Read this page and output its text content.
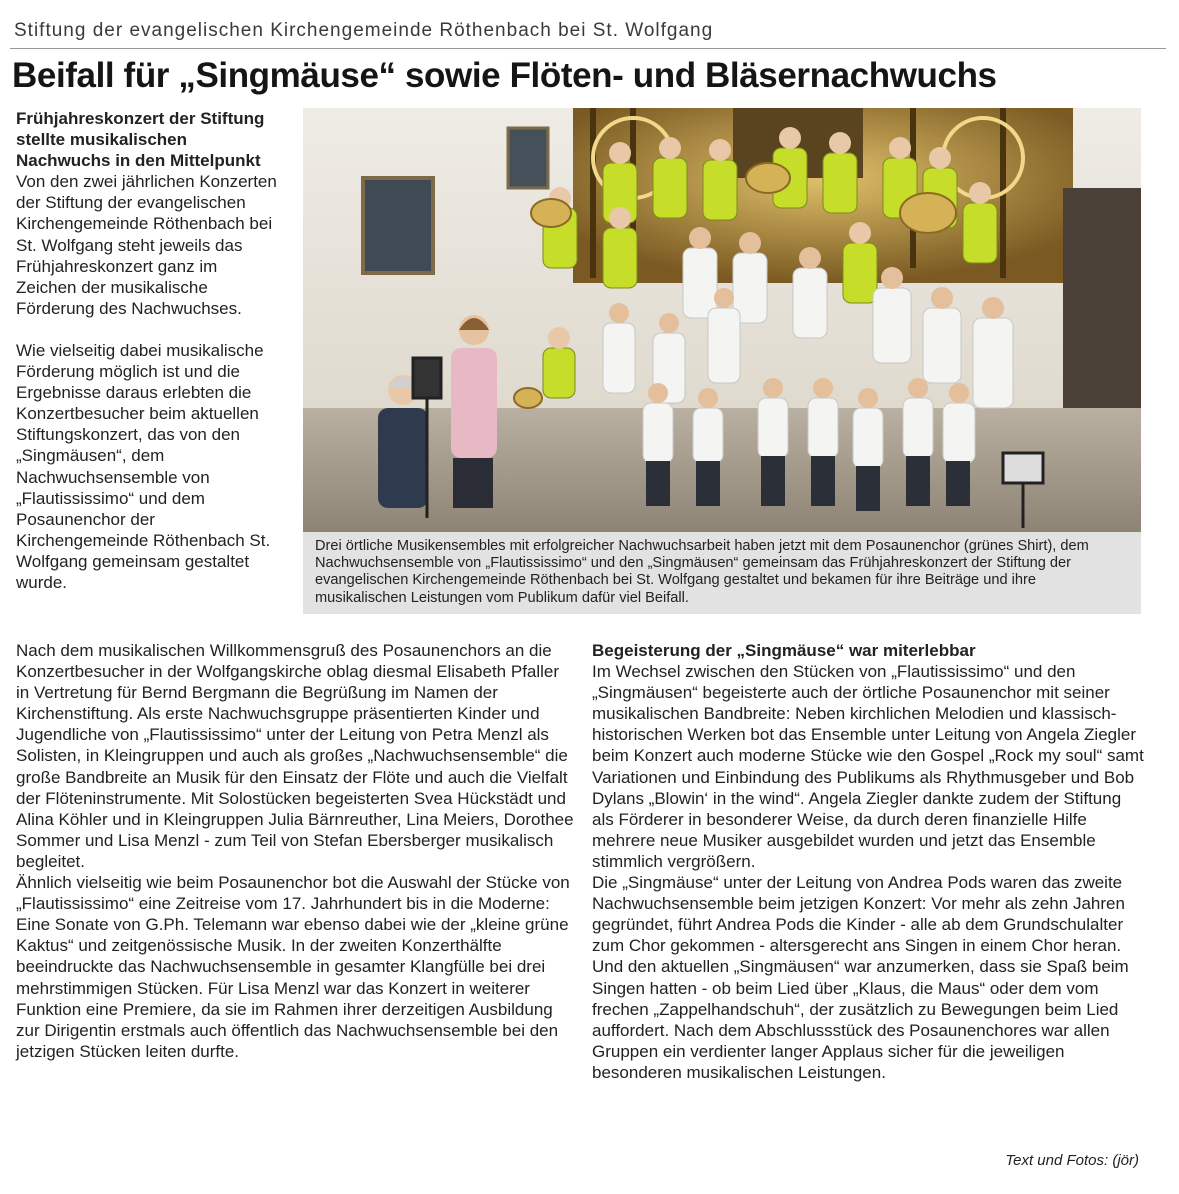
Stiftung der evangelischen Kirchengemeinde Röthenbach bei St. Wolfgang
Beifall für „Singmäuse“ sowie Flöten- und Bläsernachwuchs

Frühjahreskonzert der Stiftung stellte musikalischen Nachwuchs in den Mittelpunkt

Von den zwei jährlichen Konzerten der Stiftung der evangelischen Kirchengemeinde Röthenbach bei St. Wolfgang steht jeweils das Frühjahreskonzert ganz im Zeichen der musikalische Förderung des Nachwuchses.

Wie vielseitig dabei musikalische Förderung möglich ist und die Ergebnisse daraus erlebten die Konzertbesucher beim aktuellen Stiftungskonzert, das von den „Singmäusen“, dem Nachwuchsensemble von „Flautississimo“ und dem Posaunenchor der Kirchengemeinde Röthenbach St. Wolfgang gemeinsam gestaltet wurde.

Drei örtliche Musikensembles mit erfolgreicher Nachwuchsarbeit haben jetzt mit dem Posaunenchor (grünes Shirt), dem Nachwuchsensemble von „Flautississimo“ und den „Singmäusen“ gemeinsam das Frühjahreskonzert der Stiftung der evangelischen Kirchengemeinde Röthenbach bei St. Wolfgang gestaltet und bekamen für ihre Beiträge und ihre musikalischen Leistungen vom Publikum dafür viel Beifall.

Nach dem musikalischen Willkommensgruß des Posaunenchors an die Konzertbesucher in der Wolfgangskirche oblag diesmal Elisabeth Pfaller in Vertretung für Bernd Bergmann die Begrüßung im Namen der Kirchenstiftung. Als erste Nachwuchsgruppe präsentierten Kinder und Jugendliche von „Flautississimo“ unter der Leitung von Petra Menzl als Solisten, in Kleingruppen und auch als großes „Nachwuchsensemble“ die große Bandbreite an Musik für den Einsatz der Flöte und auch die Vielfalt der Flöteninstrumente. Mit Solostücken begeisterten Svea Hückstädt und Alina Köhler und in Kleingruppen Julia Bärnreuther, Lina Meiers, Dorothee Sommer und Lisa Menzl - zum Teil von Stefan Ebersberger musikalisch begleitet.

Ähnlich vielseitig wie beim Posaunenchor bot die Auswahl der Stücke von „Flautississimo“ eine Zeitreise vom 17. Jahrhundert bis in die Moderne: Eine Sonate von G.Ph. Telemann war ebenso dabei wie der „kleine grüne Kaktus“ und zeitgenössische Musik. In der zweiten Konzerthälfte beeindruckte das Nachwuchsensemble in gesamter Klangfülle bei drei mehrstimmigen Stücken. Für Lisa Menzl war das Konzert in weiterer Funktion eine Premiere, da sie im Rahmen ihrer derzeitigen Ausbildung zur Dirigentin erstmals auch öffentlich das Nachwuchsensemble bei den jetzigen Stücken leiten durfte.

Begeisterung der „Singmäuse“ war miterlebbar

Im Wechsel zwischen den Stücken von „Flautississimo“ und den „Singmäusen“ begeisterte auch der örtliche Posaunenchor mit seiner musikalischen Bandbreite: Neben kirchlichen Melodien und klassisch-historischen Werken bot das Ensemble unter Leitung von Angela Ziegler beim Konzert auch moderne Stücke wie den Gospel „Rock my soul“ samt Variationen und Einbindung des Publikums als Rhythmusgeber und Bob Dylans „Blowin‘ in the wind“. Angela Ziegler dankte zudem der Stiftung als Förderer in besonderer Weise, da durch deren finanzielle Hilfe mehrere neue Musiker ausgebildet wurden und jetzt das Ensemble stimmlich vergrößern.

Die „Singmäuse“ unter der Leitung von Andrea Pods waren das zweite Nachwuchsensemble beim jetzigen Konzert: Vor mehr als zehn Jahren gegründet, führt Andrea Pods die Kinder - alle ab dem Grundschulalter zum Chor gekommen - altersgerecht ans Singen in einem Chor heran. Und den aktuellen „Singmäusen“ war anzumerken, dass sie Spaß beim Singen hatten - ob beim Lied über „Klaus, die Maus“ oder dem vom frechen „Zappelhandschuh“, der zusätzlich zu Bewegungen beim Lied auffordert. Nach dem Abschlussstück des Posaunenchores war allen Gruppen ein verdienter langer Applaus sicher für die jeweiligen besonderen musikalischen Leistungen.

Text und Fotos: (jör)
